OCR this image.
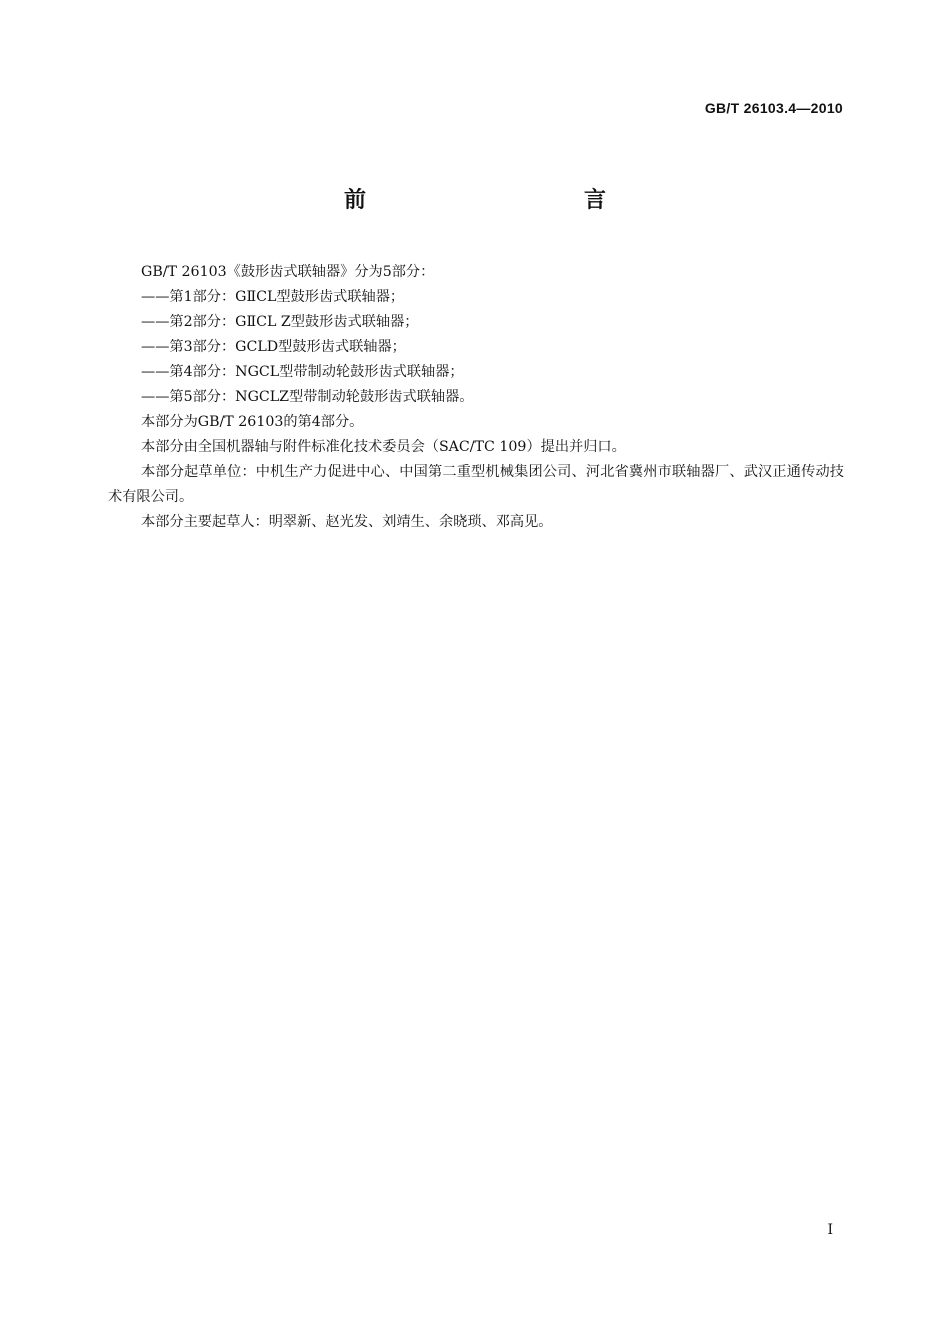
GB/T 26103.4—2010
前　　言

GB/T 26103《鼓形齿式联轴器》分为5部分：

——第1部分：GⅡCL型鼓形齿式联轴器；

——第2部分：GⅡCL Z型鼓形齿式联轴器；

——第3部分：GCLD型鼓形齿式联轴器；

——第4部分：NGCL型带制动轮鼓形齿式联轴器；

——第5部分：NGCLZ型带制动轮鼓形齿式联轴器。

本部分为GB/T 26103的第4部分。

本部分由全国机器轴与附件标准化技术委员会（SAC/TC 109）提出并归口。

本部分起草单位：中机生产力促进中心、中国第二重型机械集团公司、河北省冀州市联轴器厂、武汉正通传动技术有限公司。

本部分主要起草人：明翠新、赵光发、刘靖生、余晓琐、邓高见。

Ⅰ
